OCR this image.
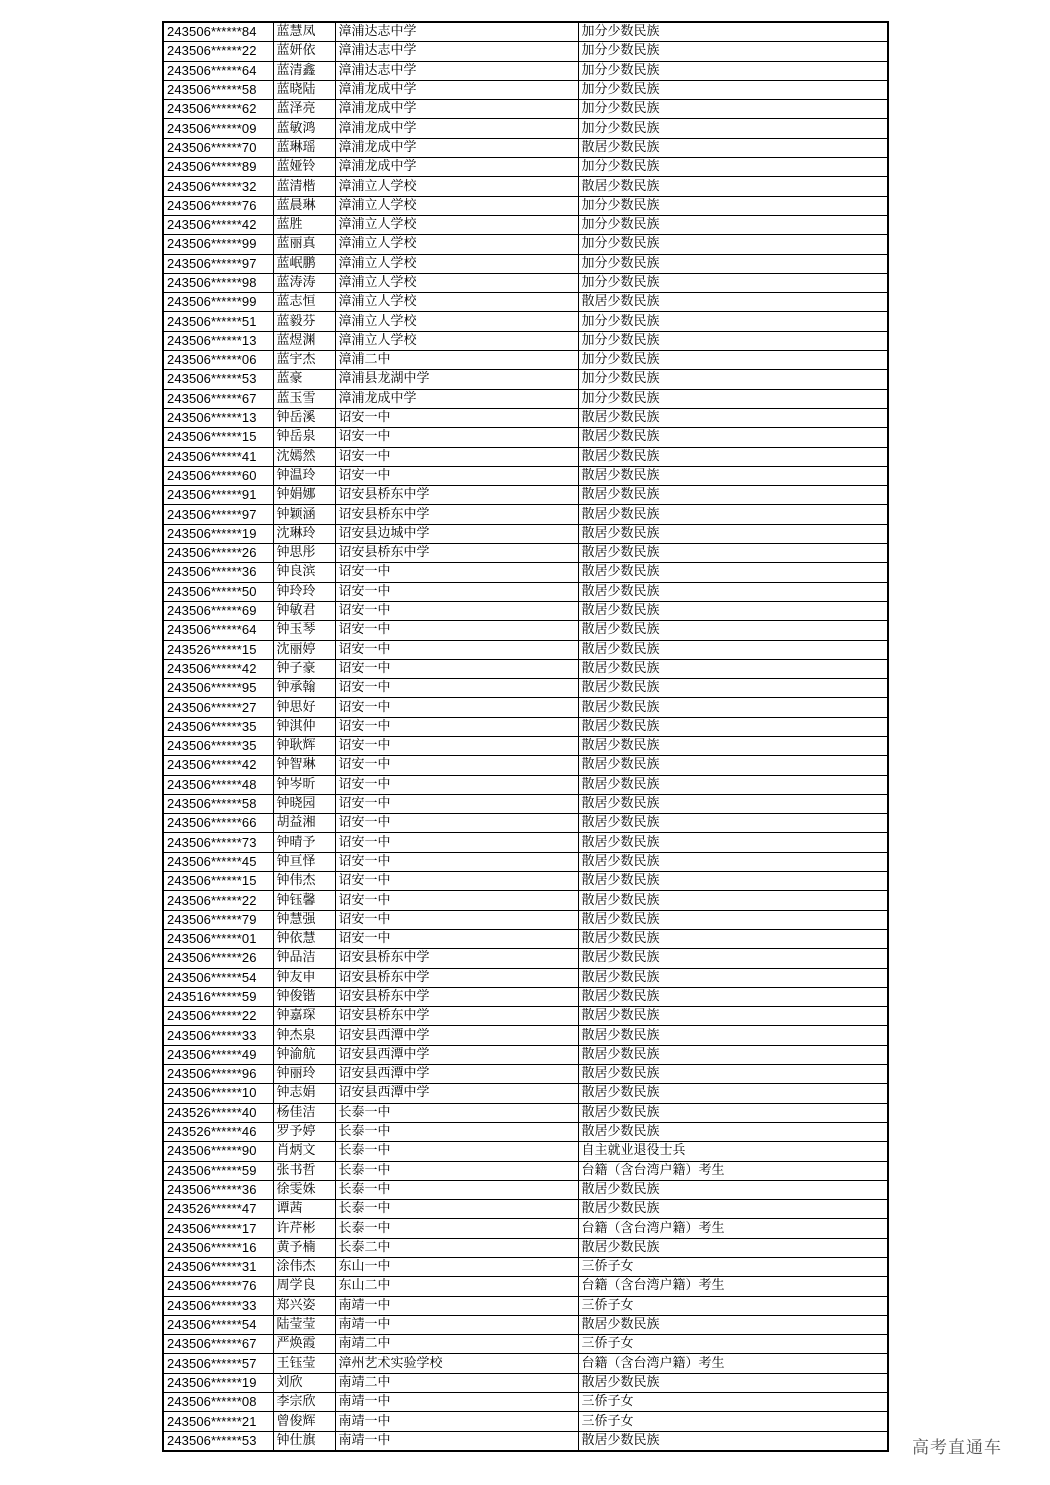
243506******84	蓝慧凤	漳浦达志中学	加分少数民族
243506******22	蓝妍依	漳浦达志中学	加分少数民族
243506******64	蓝清鑫	漳浦达志中学	加分少数民族
243506******58	蓝晓陆	漳浦龙成中学	加分少数民族
243506******62	蓝泽亮	漳浦龙成中学	加分少数民族
243506******09	蓝敏鸿	漳浦龙成中学	加分少数民族
243506******70	蓝琳瑶	漳浦龙成中学	散居少数民族
243506******89	蓝娅铃	漳浦龙成中学	加分少数民族
243506******32	蓝清楷	漳浦立人学校	散居少数民族
243506******76	蓝晨琳	漳浦立人学校	加分少数民族
243506******42	蓝胜	漳浦立人学校	加分少数民族
243506******99	蓝丽真	漳浦立人学校	加分少数民族
243506******97	蓝岷鹏	漳浦立人学校	加分少数民族
243506******98	蓝涛涛	漳浦立人学校	加分少数民族
243506******99	蓝志恒	漳浦立人学校	散居少数民族
243506******51	蓝毅芬	漳浦立人学校	加分少数民族
243506******13	蓝煜渊	漳浦立人学校	加分少数民族
243506******06	蓝宇杰	漳浦二中	加分少数民族
243506******53	蓝豪	漳浦县龙湖中学	加分少数民族
243506******67	蓝玉雪	漳浦龙成中学	加分少数民族
243506******13	钟岳溪	诏安一中	散居少数民族
243506******15	钟岳泉	诏安一中	散居少数民族
243506******41	沈嫣然	诏安一中	散居少数民族
243506******60	钟温玲	诏安一中	散居少数民族
243506******91	钟娟娜	诏安县桥东中学	散居少数民族
243506******97	钟颖涵	诏安县桥东中学	散居少数民族
243506******19	沈琳玲	诏安县边城中学	散居少数民族
243506******26	钟思彤	诏安县桥东中学	散居少数民族
243506******36	钟良滨	诏安一中	散居少数民族
243506******50	钟玲玲	诏安一中	散居少数民族
243506******69	钟敏君	诏安一中	散居少数民族
243506******64	钟玉琴	诏安一中	散居少数民族
243526******15	沈丽婷	诏安一中	散居少数民族
243506******42	钟子豪	诏安一中	散居少数民族
243506******95	钟承翰	诏安一中	散居少数民族
243506******27	钟思好	诏安一中	散居少数民族
243506******35	钟淇仲	诏安一中	散居少数民族
243506******35	钟耿辉	诏安一中	散居少数民族
243506******42	钟智琳	诏安一中	散居少数民族
243506******48	钟岑昕	诏安一中	散居少数民族
243506******58	钟晓园	诏安一中	散居少数民族
243506******66	胡益湘	诏安一中	散居少数民族
243506******73	钟晴予	诏安一中	散居少数民族
243506******45	钟亘怿	诏安一中	散居少数民族
243506******15	钟伟杰	诏安一中	散居少数民族
243506******22	钟钰馨	诏安一中	散居少数民族
243506******79	钟慧强	诏安一中	散居少数民族
243506******01	钟依慧	诏安一中	散居少数民族
243506******26	钟品洁	诏安县桥东中学	散居少数民族
243506******54	钟友申	诏安县桥东中学	散居少数民族
243516******59	钟俊锴	诏安县桥东中学	散居少数民族
243506******22	钟嘉琛	诏安县桥东中学	散居少数民族
243506******33	钟杰泉	诏安县西潭中学	散居少数民族
243506******49	钟渝航	诏安县西潭中学	散居少数民族
243506******96	钟丽玲	诏安县西潭中学	散居少数民族
243506******10	钟志娟	诏安县西潭中学	散居少数民族
243526******40	杨佳洁	长泰一中	散居少数民族
243526******46	罗予婷	长泰一中	散居少数民族
243506******90	肖炳文	长泰一中	自主就业退役士兵
243506******59	张书哲	长泰一中	台籍（含台湾户籍）考生
243506******36	徐雯姝	长泰一中	散居少数民族
243526******47	谭茜	长泰一中	散居少数民族
243506******17	许芹彬	长泰一中	台籍（含台湾户籍）考生
243506******16	黄予楠	长泰二中	散居少数民族
243506******31	涂伟杰	东山一中	三侨子女
243506******76	周学良	东山二中	台籍（含台湾户籍）考生
243506******33	郑兴姿	南靖一中	三侨子女
243506******54	陆莹莹	南靖一中	散居少数民族
243506******67	严焕霞	南靖二中	三侨子女
243506******57	王钰莹	漳州艺术实验学校	台籍（含台湾户籍）考生
243506******19	刘欣	南靖二中	散居少数民族
243506******08	李宗欣	南靖一中	三侨子女
243506******21	曾俊辉	南靖一中	三侨子女
243506******53	钟仕旗	南靖一中	散居少数民族	高考直通车
